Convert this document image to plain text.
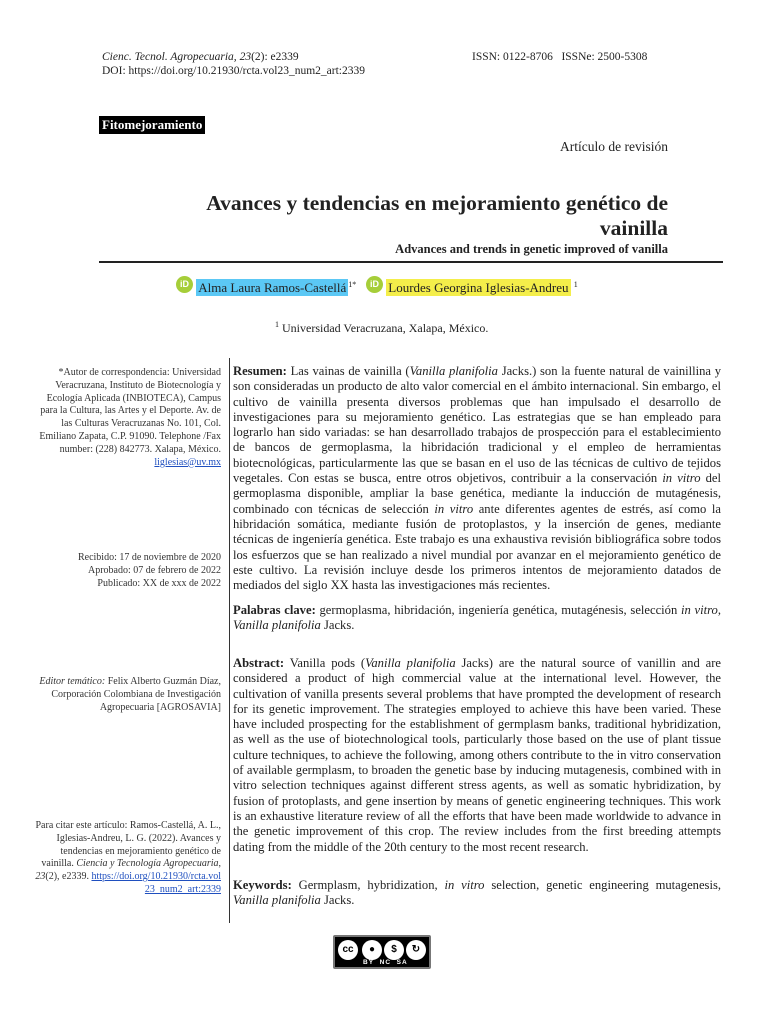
Cienc. Tecnol. Agropecuaria, 23(2): e2339
DOI: https://doi.org/10.21930/rcta.vol23_num2_art:2339
ISSN: 0122-8706   ISSNe: 2500-5308
Fitomejoramiento
Artículo de revisión
Avances y tendencias en mejoramiento genético de vainilla
Advances and trends in genetic improved of vanilla
iD Alma Laura Ramos-Castellá $^{1*}$ iD Lourdes Georgina Iglesias-Andreu $^1$
$^1$ Universidad Veracruzana, Xalapa, México.
*Autor de correspondencia: Universidad Veracruzana, Instituto de Biotecnología y Ecología Aplicada (INBIOTECA), Campus para la Cultura, las Artes y el Deporte. Av. de las Culturas Veracruzanas No. 101, Col. Emiliano Zapata, C.P. 91090. Telephone /Fax number: (228) 842773. Xalapa, México. liglesias@uv.mx
Recibido: 17 de noviembre de 2020
Aprobado: 07 de febrero de 2022
Publicado: XX de xxx de 2022
Editor temático: Felix Alberto Guzmán Díaz, Corporación Colombiana de Investigación Agropecuaria [AGROSAVIA]
Para citar este artículo: Ramos-Castellá, A. L., Iglesias-Andreu, L. G. (2022). Avances y tendencias en mejoramiento genético de vainilla. Ciencia y Tecnología Agropecuaria, 23(2), e2339. https://doi.org/10.21930/rcta.vol23_num2_art:2339
Resumen: Las vainas de vainilla (Vanilla planifolia Jacks.) son la fuente natural de vainillina y son consideradas un producto de alto valor comercial en el ámbito internacional. Sin embargo, el cultivo de vainilla presenta diversos problemas que han impulsado el desarrollo de investigaciones para su mejoramiento genético. Las estrategias que se han empleado para lograrlo han sido variadas: se han desarrollado trabajos de prospección para el establecimiento de bancos de germoplasma, la hibridación tradicional y el empleo de herramientas biotecnológicas, particularmente las que se basan en el uso de las técnicas de cultivo de tejidos vegetales. Con estas se busca, entre otros objetivos, contribuir a la conservación in vitro del germoplasma disponible, ampliar la base genética, mediante la inducción de mutagénesis, combinado con técnicas de selección in vitro ante diferentes agentes de estrés, así como la hibridación somática, mediante fusión de protoplastos, y la inserción de genes, mediante técnicas de ingeniería genética. Este trabajo es una exhaustiva revisión bibliográfica sobre todos los esfuerzos que se han realizado a nivel mundial por avanzar en el mejoramiento genético de este cultivo. La revisión incluye desde los primeros intentos de mejoramiento datados de mediados del siglo XX hasta las investigaciones más recientes.
Palabras clave: germoplasma, hibridación, ingeniería genética, mutagénesis, selección in vitro, Vanilla planifolia Jacks.
Abstract: Vanilla pods (Vanilla planifolia Jacks) are the natural source of vanillin and are considered a product of high commercial value at the international level. However, the cultivation of vanilla presents several problems that have prompted the development of research for its genetic improvement. The strategies employed to achieve this have been varied. These have included prospecting for the establishment of germplasm banks, traditional hybridization, as well as the use of biotechnological tools, particularly those based on the use of plant tissue culture techniques, to achieve the following, among others contribute to the in vitro conservation of available germplasm, to broaden the genetic base by inducing mutagenesis, combined with in vitro selection techniques against different stress agents, as well as somatic hybridization, by fusion of protoplasts, and gene insertion by means of genetic engineering techniques. This work is an exhaustive literature review of all the efforts that have been made worldwide to advance in the genetic improvement of this crop. The review includes from the first breeding attempts dating from the middle of the 20th century to the most recent research.
Keywords: Germplasm, hybridization, in vitro selection, genetic engineering mutagenesis, Vanilla planifolia Jacks.
cc	●	$	↻
BY NC SA
